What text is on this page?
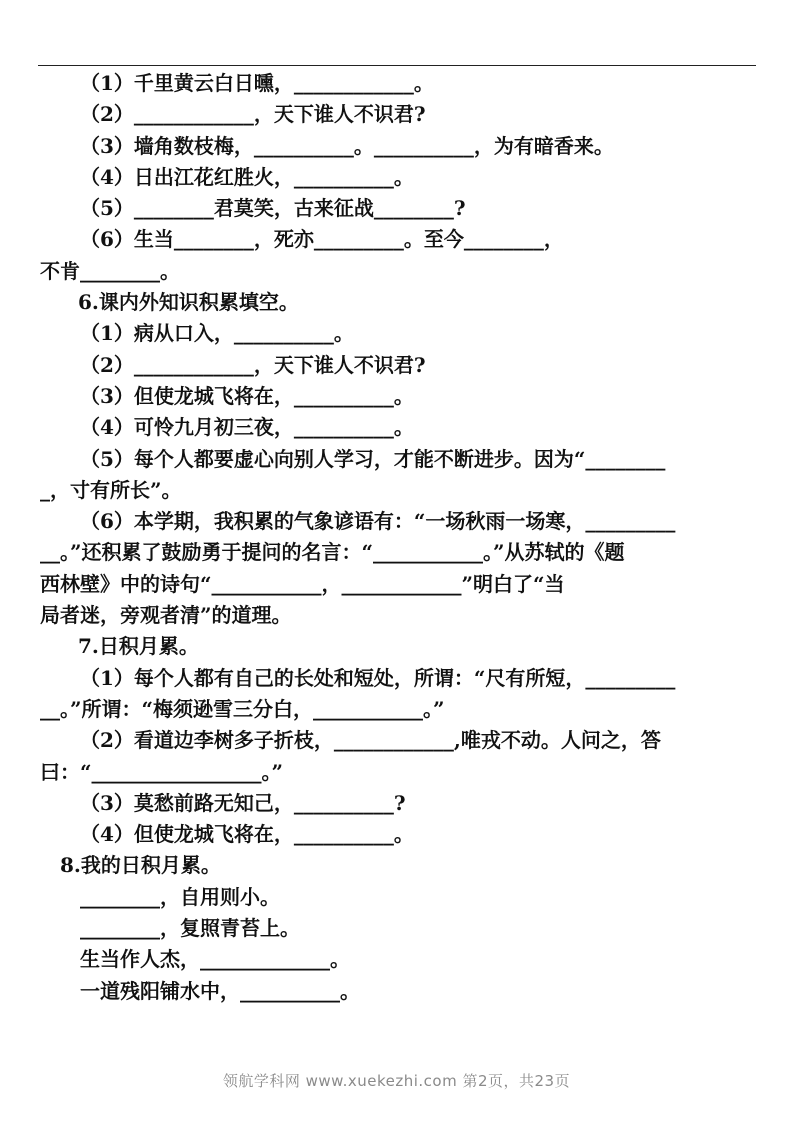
（1）千里黄云白日曛，____________。
（2）____________，天下谁人不识君?
（3）墙角数枝梅，__________。__________，为有暗香来。
（4）日出江花红胜火，__________。
（5）________君莫笑，古来征战________?
（6）生当________，死亦_________。至今________，
不肯________。
6.课内外知识积累填空。
（1）病从口入，__________。
（2）____________，天下谁人不识君?
（3）但使龙城飞将在，__________。
（4）可怜九月初三夜，__________。
（5）每个人都要虚心向别人学习，才能不断进步。因为“________
_，寸有所长”。
（6）本学期，我积累的气象谚语有：“一场秋雨一场寒，_________
__。”还积累了鼓励勇于提问的名言：“___________。”从苏轼的《题
西林壁》中的诗句“___________，____________”明白了“当
局者迷，旁观者清”的道理。
7.日积月累。
（1）每个人都有自己的长处和短处，所谓：“尺有所短，_________
__。”所谓：“梅须逊雪三分白，___________。”
（2）看道边李树多子折枝，____________,唯戎不动。人问之，答
曰：“_________________。”
（3）莫愁前路无知己，__________?
（4）但使龙城飞将在，__________。
8.我的日积月累。
________，自用则小。
________，复照青苔上。
生当作人杰，_____________。
一道残阳铺水中，__________。
领航学科网 www.xuekezhi.com 第2页，共23页
